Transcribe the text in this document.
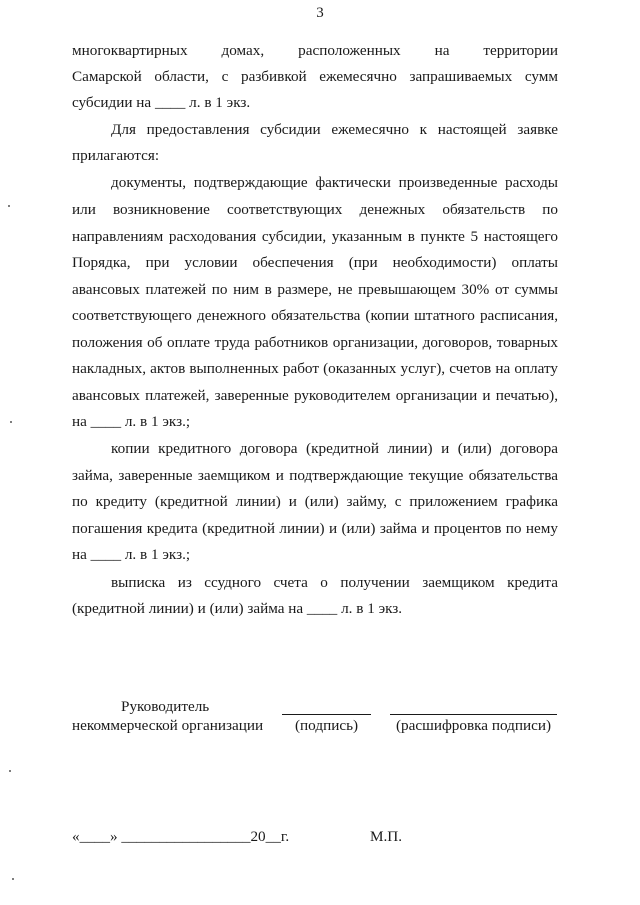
3
многоквартирных домах, расположенных на территории
Самарской области, с разбивкой ежемесячно запрашиваемых сумм
субсидии на ____ л. в 1 экз.
Для предоставления субсидии ежемесячно к настоящей заявке
прилагаются:
документы, подтверждающие фактически произведенные расходы
или возникновение соответствующих денежных обязательств по
направлениям расходования субсидии, указанным в пункте 5 настоящего
Порядка, при условии обеспечения (при необходимости) оплаты
авансовых платежей по ним в размере, не превышающем 30% от суммы
соответствующего денежного обязательства (копии штатного расписания,
положения об оплате труда работников организации, договоров, товарных
накладных, актов выполненных работ (оказанных услуг), счетов на оплату
авансовых платежей, заверенные руководителем организации и печатью),
на ____ л. в 1 экз.;
копии кредитного договора (кредитной линии) и (или) договора
займа, заверенные заемщиком и подтверждающие текущие обязательства
по кредиту (кредитной линии) и (или) займу, с приложением графика
погашения кредита (кредитной линии) и (или) займа и процентов по нему
на ____ л. в 1 экз.;
выписка из ссудного счета о получении заемщиком кредита
(кредитной линии) и (или) займа на ____ л. в 1 экз.
Руководитель
некоммерческой организации (подпись) (расшифровка подписи)
«____» _________________20__г.	М.П.
